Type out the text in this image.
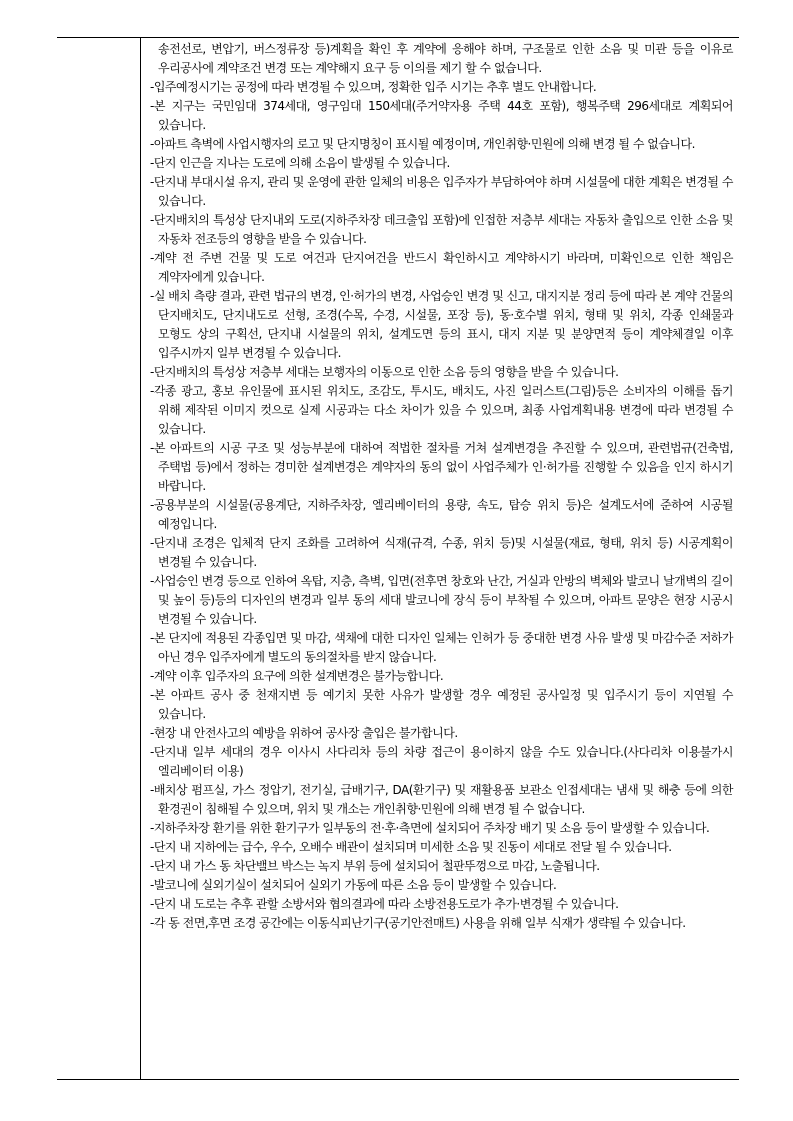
송전선로, 변압기, 버스정류장 등)계획을 확인 후 계약에 응해야 하며, 구조물로 인한 소음 및 미관 등을 이유로 우리공사에 계약조건 변경 또는 계약해지 요구 등 이의를 제기 할 수 없습니다.
-입주예정시기는 공정에 따라 변경될 수 있으며, 정확한 입주 시기는 추후 별도 안내합니다.
-본 지구는 국민임대 374세대, 영구임대 150세대(주거약자용 주택 44호 포함), 행복주택 296세대로 계획되어 있습니다.
-아파트 측벽에 사업시행자의 로고 및 단지명칭이 표시될 예정이며, 개인취향·민원에 의해 변경 될 수 없습니다.
-단지 인근을 지나는 도로에 의해 소음이 발생될 수 있습니다.
-단지내 부대시설 유지, 관리 및 운영에 관한 일체의 비용은 입주자가 부담하여야 하며 시설물에 대한 계획은 변경될 수 있습니다.
-단지배치의 특성상 단지내외 도로(지하주차장 데크출입 포함)에 인접한 저층부 세대는 자동차 출입으로 인한 소음 및 자동차 전조등의 영향을 받을 수 있습니다.
-계약 전 주변 건물 및 도로 여건과 단지여건을 반드시 확인하시고 계약하시기 바라며, 미확인으로 인한 책임은 계약자에게 있습니다.
-실 배치 측량 결과, 관련 법규의 변경, 인·허가의 변경, 사업승인 변경 및 신고, 대지지분 정리 등에 따라 본 계약 건물의 단지배치도, 단지내도로 선형, 조경(수목, 수경, 시설물, 포장 등), 동·호수별 위치, 형태 및 위치, 각종 인쇄물과 모형도 상의 구획선, 단지내 시설물의 위치, 설계도면 등의 표시, 대지 지분 및 분양면적 등이 계약체결일 이후 입주시까지 일부 변경될 수 있습니다.
-단지배치의 특성상 저층부 세대는 보행자의 이동으로 인한 소음 등의 영향을 받을 수 있습니다.
-각종 광고, 홍보 유인물에 표시된 위치도, 조감도, 투시도, 배치도, 사진 일러스트(그림)등은 소비자의 이해를 돕기 위해 제작된 이미지 컷으로 실제 시공과는 다소 차이가 있을 수 있으며, 최종 사업계획내용 변경에 따라 변경될 수 있습니다.
-본 아파트의 시공 구조 및 성능부분에 대하여 적법한 절차를 거쳐 설계변경을 추진할 수 있으며, 관련법규(건축법, 주택법 등)에서 정하는 경미한 설계변경은 계약자의 동의 없이 사업주체가 인·허가를 진행할 수 있음을 인지 하시기 바랍니다.
-공용부분의 시설물(공용계단, 지하주차장, 엘리베이터의 용량, 속도, 탑승 위치 등)은 설계도서에 준하여 시공될 예정입니다.
-단지내 조경은 입체적 단지 조화를 고려하여 식재(규격, 수종, 위치 등)및 시설물(재료, 형태, 위치 등) 시공계획이 변경될 수 있습니다.
-사업승인 변경 등으로 인하여 옥탑, 지층, 측벽, 입면(전후면 창호와 난간, 거실과 안방의 벽체와 발코니 날개벽의 길이 및 높이 등)등의 디자인의 변경과 일부 동의 세대 발코니에 장식 등이 부착될 수 있으며, 아파트 문양은 현장 시공시 변경될 수 있습니다.
-본 단지에 적용된 각종입면 및 마감, 색채에 대한 디자인 일체는 인허가 등 중대한 변경 사유 발생 및 마감수준 저하가 아닌 경우 입주자에게 별도의 동의절차를 받지 않습니다.
-계약 이후 입주자의 요구에 의한 설계변경은 불가능합니다.
-본 아파트 공사 중 천재지변 등 예기치 못한 사유가 발생할 경우 예정된 공사일정 및 입주시기 등이 지연될 수 있습니다.
-현장 내 안전사고의 예방을 위하여 공사장 출입은 불가합니다.
-단지내 일부 세대의 경우 이사시 사다리차 등의 차량 접근이 용이하지 않을 수도 있습니다.(사다리차 이용불가시 엘리베이터 이용)
-배치상 펌프실, 가스 정압기, 전기실, 급배기구, DA(환기구) 및 재활용품 보관소 인접세대는 냄새 및 해충 등에 의한 환경권이 침해될 수 있으며, 위치 및 개소는 개인취향·민원에 의해 변경 될 수 없습니다.
-지하주차장 환기를 위한 환기구가 일부동의 전·후·측면에 설치되어 주차장 배기 및 소음 등이 발생할 수 있습니다.
-단지 내 지하에는 급수, 우수, 오배수 배관이 설치되며 미세한 소음 및 진동이 세대로 전달 될 수 있습니다.
-단지 내 가스 동 차단밸브 박스는 녹지 부위 등에 설치되어 철판뚜껑으로 마감, 노출됩니다.
-발코니에 실외기실이 설치되어 실외기 가동에 따른 소음 등이 발생할 수 있습니다.
-단지 내 도로는 추후 관할 소방서와 협의결과에 따라 소방전용도로가 추가·변경될 수 있습니다.
-각 동 전면,후면 조경 공간에는 이동식피난기구(공기안전매트) 사용을 위해 일부 식재가 생략될 수 있습니다.
